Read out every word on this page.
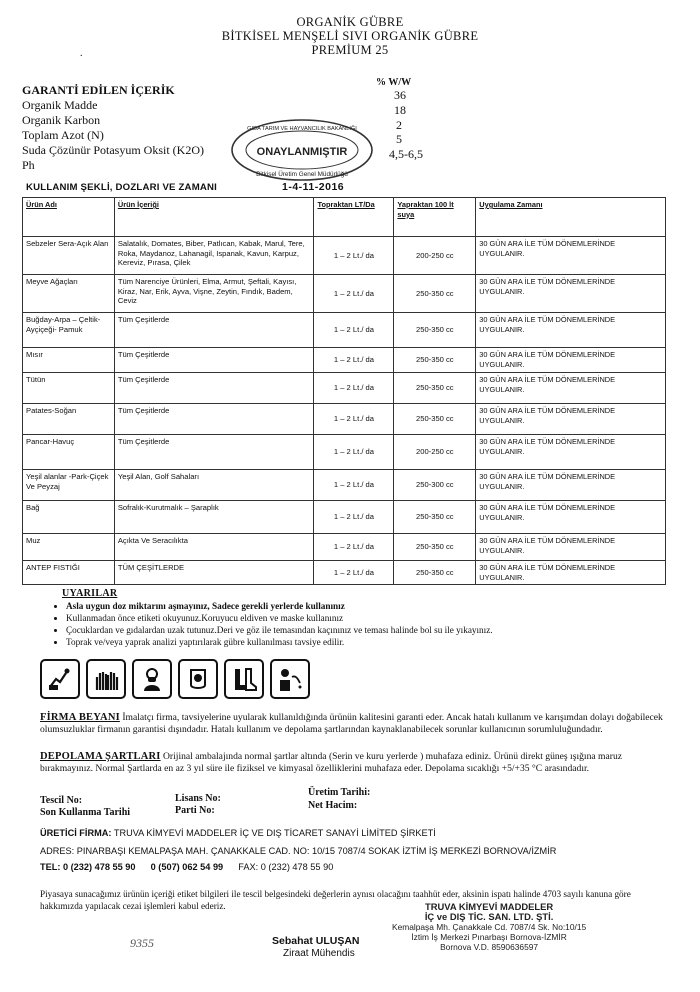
ORGANİK GÜBRE
BİTKİSEL MENŞELİ SIVI ORGANİK GÜBRE
PREMİUM 25
.
GARANTİ EDİLEN İÇERİK
% W/W
Organik Madde
36
Organik Karbon
18
Toplam Azot (N)
2
Suda Çözünür Potasyum Oksit (K2O)
5
Ph
4,5-6,5
GIDA TARIM VE HAYVANCILIK BAKANLIĞI
ONAYLANMIŞTIR
Bitkisel Üretim Genel Müdürlüğü
1-4-11-2016
KULLANIM ŞEKLİ, DOZLARI VE ZAMANI
Ürün Adı	Ürün İçeriği	Topraktan LT/Da	Yapraktan 100 lt suya	Uygulama Zamanı
Sebzeler Sera-Açık Alan	Salatalık, Domates, Biber, Patlıcan, Kabak, Marul, Tere, Roka, Maydanoz, Lahanagil, Ispanak, Kavun, Karpuz, Kereviz, Pırasa, Çilek	1 – 2 Lt./ da	200-250 cc	30 GÜN ARA İLE TÜM DÖNEMLERİNDE UYGULANIR.
Meyve Ağaçları	Tüm Narenciye Ürünleri, Elma, Armut, Şeftali, Kayısı, Kiraz, Nar, Erik, Ayva, Vişne, Zeytin, Fındık, Badem, Ceviz	1 – 2 Lt./ da	250-350 cc	30 GÜN ARA İLE TÜM DÖNEMLERİNDE UYGULANIR.
Buğday-Arpa – Çeltik- Ayçiçeği- Pamuk	Tüm Çeşitlerde	1 – 2 Lt./ da	250-350 cc	30 GÜN ARA İLE TÜM DÖNEMLERİNDE UYGULANIR.
Mısır	Tüm Çeşitlerde	1 – 2 Lt./ da	250-350 cc	30 GÜN ARA İLE TÜM DÖNEMLERİNDE UYGULANIR.
Tütün	Tüm Çeşitlerde	1 – 2 Lt./ da	250-350 cc	30 GÜN ARA İLE TÜM DÖNEMLERİNDE UYGULANIR.
Patates-Soğan	Tüm Çeşitlerde	1 – 2 Lt./ da	250-350 cc	30 GÜN ARA İLE TÜM DÖNEMLERİNDE UYGULANIR.
Pancar-Havuç	Tüm Çeşitlerde	1 – 2 Lt./ da	200-250 cc	30 GÜN ARA İLE TÜM DÖNEMLERİNDE UYGULANIR.
Yeşil alanlar -Park-Çiçek Ve Peyzaj	Yeşil Alan, Golf Sahaları	1 – 2 Lt./ da	250-300 cc	30 GÜN ARA İLE TÜM DÖNEMLERİNDE UYGULANIR.
Bağ	Sofralık-Kurutmalık – Şaraplık	1 – 2 Lt./ da	250-350 cc	30 GÜN ARA İLE TÜM DÖNEMLERİNDE UYGULANIR.
Muz	Açıkta Ve Seracılıkta	1 – 2 Lt./ da	250-350 cc	30 GÜN ARA İLE TÜM DÖNEMLERİNDE UYGULANIR.
ANTEP FISTIĞI	TÜM ÇEŞİTLERDE	1 – 2 Lt./ da	250-350 cc	30 GÜN ARA İLE TÜM DÖNEMLERİNDE UYGULANIR.
UYARILAR
• Asla uygun doz miktarını aşmayınız, Sadece gerekli yerlerde kullanınız
• Kullanmadan önce etiketi okuyunuz.Koruyucu eldiven ve maske kullanınız
• Çocuklardan ve gıdalardan uzak tutunuz.Deri ve göz ile temasından kaçınınız ve teması halinde bol su ile yıkayınız.
• Toprak ve/veya yaprak analizi yaptırılarak gübre kullanılması tavsiye edilir.
FİRMA BEYANI İmalatçı firma, tavsiyelerine uyularak kullanıldığında ürünün kalitesini garanti eder. Ancak hatalı kullanım ve karışımdan dolayı doğabilecek olumsuzluklar firmanın garantisi dışındadır. Hatalı kullanım ve depolama şartlarından kaynaklanabilecek sorunlar kullanıcının sorumluluğundadır.
DEPOLAMA ŞARTLARI Orijinal ambalajında normal şartlar altında (Serin ve kuru yerlerde ) muhafaza ediniz. Ürünü direkt güneş ışığına maruz bırakmayınız. Normal Şartlarda en az 3 yıl süre ile fiziksel ve kimyasal özelliklerini muhafaza eder. Depolama sıcaklığı +5/+35 °C arasındadır.
Tescil No:
Son Kullanma Tarihi
Lisans No:
Parti No:
Üretim Tarihi:
Net Hacim:
ÜRETİCİ FİRMA: TRUVA KİMYEVİ MADDELER İÇ VE DIŞ TİCARET SANAYİ LİMİTED ŞİRKETİ
ADRES: PINARBAŞI KEMALPAŞA MAH. ÇANAKKALE CAD. NO: 10/15 7087/4 SOKAK İZTİM İŞ MERKEZİ BORNOVA/İZMİR
TEL: 0 (232) 478 55 90 0 (507) 062 54 99 FAX: 0 (232) 478 55 90
Piyasaya sunacağımız ürünün içeriği etiket bilgileri ile tescil belgesindeki değerlerin aynısı olacağını taahhüt eder, aksinin ispatı halinde 4703 sayılı kanuna göre hakkımızda yapılacak cezai işlemleri kabul ederiz.
9355	Sebahat ULUŞAN
Ziraat Mühendis
TRUVA KİMYEVİ MADDELER
İÇ ve DIŞ TİC. SAN. LTD. ŞTİ.
Kemalpaşa Mh. Çanakkale Cd. 7087/4 Sk. No:10/15
İztim İş Merkezi Pınarbaşı Bornova-İZMİR
Bornova V.D. 8590636597
